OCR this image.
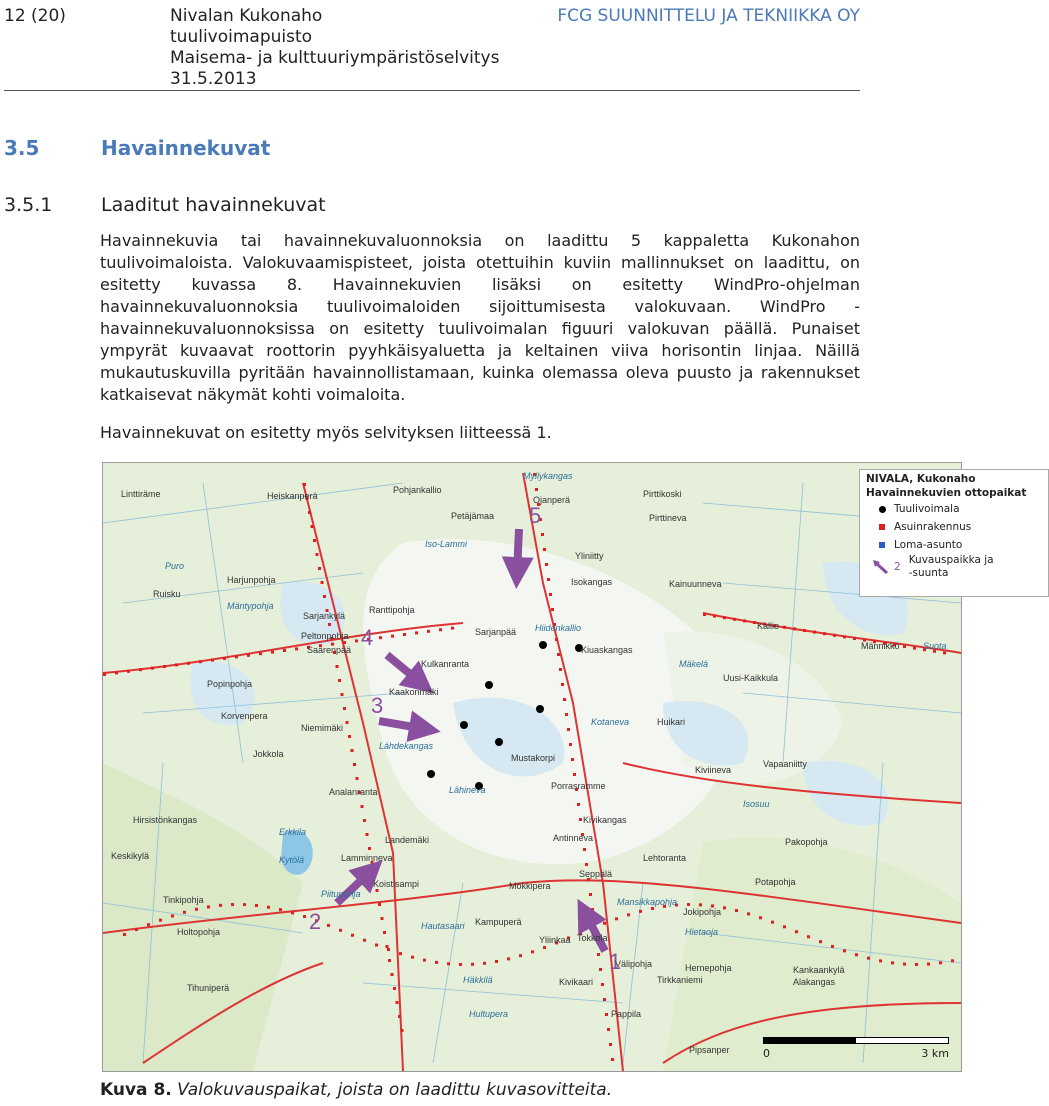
12 (20)	Nivalan Kukonaho
tuulivoimapuisto
Maisema- ja kulttuuriympäristöselvitys
31.5.2013
FCG SUUNNITTELU JA TEKNIIKKA OY
3.5	Havainnekuvat
3.5.1	Laaditut havainnekuvat
Havainnekuvia tai havainnekuvaluonnoksia on laadittu 5 kappaletta Kukonahon tuulivoimaloista. Valokuvaamispisteet, joista otettuihin kuviin mallinnukset on laadittu, on esitetty kuvassa 8. Havainnekuvien lisäksi on esitetty WindPro-ohjelman havainnekuvaluonnoksia tuulivoimaloiden sijoittumisesta valokuvaan. WindPro -havainnekuvaluonnoksissa on esitetty tuulivoimalan figuuri valokuvan päällä. Punaiset ympyrät kuvaavat roottorin pyyhkäisyaluetta ja keltainen viiva horisontin linjaa. Näillä mukautuskuvilla pyritään havainnollistamaan, kuinka olemassa oleva puusto ja rakennukset katkaisevat näkymät kohti voimaloita.
Havainnekuvat on esitetty myös selvityksen liitteessä 1.
5
4
3
2
1
Linttiräme	Heiskanperä
Pohjankallio
Myllykangas
Ojanperä
Pirttikoski
Pirttineva
Puro
Harjunpohja
Petäjämaa
Yliniitty
Iso-Lammi
Isokangas	Kainuunneva
Ruisku
Mäntypohja
Sarjankylä
Ranttipohja
Sarjanpää Hiidenkallio
Kiuaskangas
Kallio
Männikkö	Suota
Peltonpohja
Saarenpää
Kulkanranta	Mäkelä
Uusi-Kaikkula
Popinpohja
Kaakonmäki
Kotaneva	Huikari
Korvenpera
Niemimäki
Lähdekangas
Mustakorpi
Kiviineva
Jokkola
Lähineva	Porrasramme
Vapaaniitty
Analanranta
Isosuu
Kivikangas
Hirsistönkangas
Antinneva
Erkkila
Landemäki	Pakopohja
Keskikylä	Kytölä	Lamminneva
Koistisampi
Lehtoranta
Piitupohja
Seppälä
Potapohja
Mökkipera
Mansikkapohja
Tinkipohja
Kampuperä
Jokipohja
Hautasaari
Yliinkaa Tokkola
Holtopohja	Hietaoja
Välipohja	Hernepohja
Tihuniperä
Häkkilä	Kivikaari
Kankaankylä
Alakangas
Hultupera	Pappila
Tirkkaniemi
Pipsanper
NIVALA, Kukonaho
Havainnekuvien ottopaikat
Tuulivoimala
Asuinrakennus
Loma-asunto
2
Kuvauspaikka ja -suunta
0	3 km
Kuva 8. Valokuvauspaikat, joista on laadittu kuvasovitteita.
